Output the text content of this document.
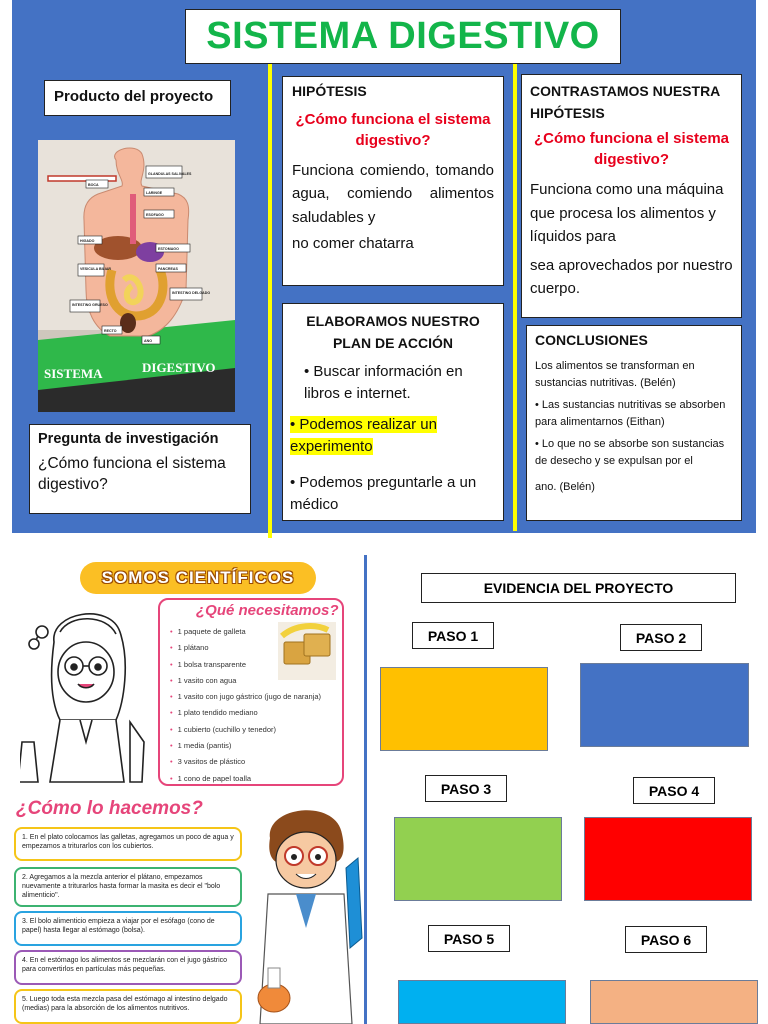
SISTEMA DIGESTIVO
Producto del proyecto
SISTEMA	DIGESTIVO
GLANDULAS SALIVALES
BOCA
LARINGE
ESOFAGO
HIGADO
ESTOMAGO
VESICULA BILIAR	PANCREAS
INTESTINO GRUESO
INTESTINO DELGADO
RECTO
ANO
Pregunta de investigación
¿Cómo funciona el sistema digestivo?
HIPÓTESIS
¿Cómo funciona el sistema digestivo?
Funciona comiendo, tomando agua, comiendo alimentos saludables y
no comer chatarra
ELABORAMOS NUESTRO PLAN DE ACCIÓN
• Buscar información en libros e internet.
• Podemos realizar un experimento
• Podemos preguntarle a un médico
CONTRASTAMOS NUESTRA HIPÓTESIS
¿Cómo funciona el sistema digestivo?
Funciona como una máquina que procesa los alimentos y líquidos para
sea aprovechados por nuestro cuerpo.
CONCLUSIONES
Los alimentos se transforman en sustancias nutritivas. (Belén)
• Las sustancias nutritivas se absorben para alimentarnos (Eithan)
• Lo que no se absorbe son sustancias de desecho y se expulsan por el
ano. (Belén)
SOMOS CIENTÍFICOS
¿Qué necesitamos?
• 1 paquete de galleta
• 1 plátano
• 1 bolsa transparente
• 1 vasito con agua
• 1 vasito con jugo gástrico (jugo de naranja)
• 1 plato tendido mediano
• 1 cubierto (cuchillo y tenedor)
• 1 media (pantis)
• 3 vasitos de plástico
• 1 cono de papel toalla
¿Cómo lo hacemos?
1. En el plato colocamos las galletas, agregamos un poco de agua y empezamos a triturarlos con los cubiertos.
2. Agregamos a la mezcla anterior el plátano, empezamos nuevamente a triturarlos hasta formar la masita es decir el "bolo alimenticio".
3. El bolo alimenticio empieza a viajar por el esófago (cono de papel) hasta llegar al estómago (bolsa).
4. En el estómago los alimentos se mezclarán con el jugo gástrico para convertirlos en partículas más pequeñas.
5. Luego toda esta mezcla pasa del estómago al intestino delgado (medias) para la absorción de los alimentos nutritivos.
EVIDENCIA DEL PROYECTO
PASO 1	PASO 2
PASO 3	PASO 4
PASO 5	PASO 6
